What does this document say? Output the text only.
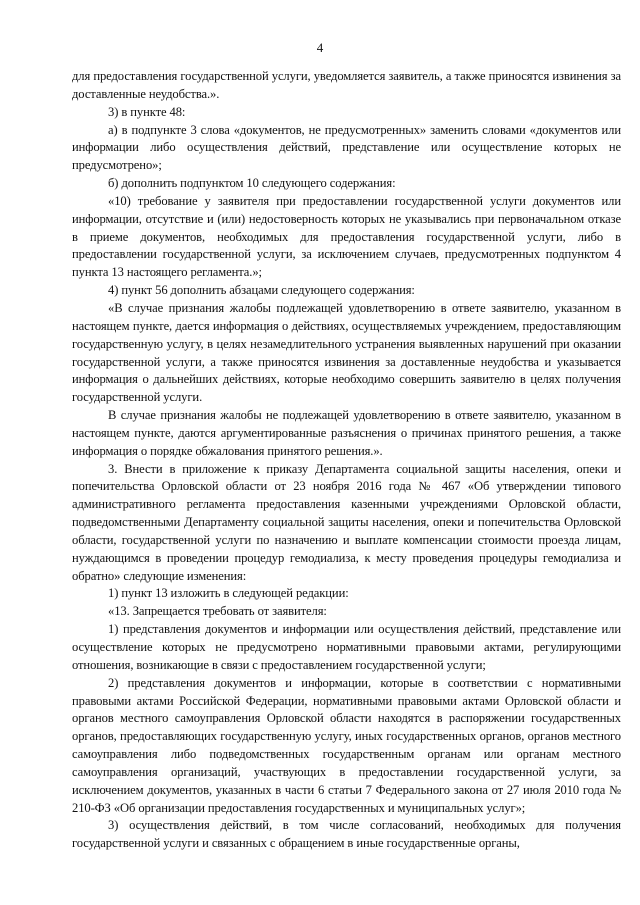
4

для предоставления государственной услуги, уведомляется заявитель, а также приносятся извинения за доставленные неудобства.».

3) в пункте 48:

а) в подпункте 3 слова «документов, не предусмотренных» заменить словами «документов или информации либо осуществления действий, представление или осуществление которых не предусмотрено»;

б) дополнить подпунктом 10 следующего содержания:

«10) требование у заявителя при предоставлении государственной услуги документов или информации, отсутствие и (или) недостоверность которых не указывались при первоначальном отказе в приеме документов, необходимых для предоставления государственной услуги, либо в предоставлении государственной услуги, за исключением случаев, предусмотренных подпунктом 4 пункта 13 настоящего регламента.»;

4) пункт 56 дополнить абзацами следующего содержания:

«В случае признания жалобы подлежащей удовлетворению в ответе заявителю, указанном в настоящем пункте, дается информация о действиях, осуществляемых учреждением, предоставляющим государственную услугу, в целях незамедлительного устранения выявленных нарушений при оказании государственной услуги, а также приносятся извинения за доставленные неудобства и указывается информация о дальнейших действиях, которые необходимо совершить заявителю в целях получения государственной услуги.

В случае признания жалобы не подлежащей удовлетворению в ответе заявителю, указанном в настоящем пункте, даются аргументированные разъяснения о причинах принятого решения, а также информация о порядке обжалования принятого решения.».

3. Внести в приложение к приказу Департамента социальной защиты населения, опеки и попечительства Орловской области от 23 ноября 2016 года № 467 «Об утверждении типового административного регламента предоставления казенными учреждениями Орловской области, подведомственными Департаменту социальной защиты населения, опеки и попечительства Орловской области, государственной услуги по назначению и выплате компенсации стоимости проезда лицам, нуждающимся в проведении процедур гемодиализа, к месту проведения процедуры гемодиализа и обратно» следующие изменения:

1) пункт 13 изложить в следующей редакции:

«13. Запрещается требовать от заявителя:

1) представления документов и информации или осуществления действий, представление или осуществление которых не предусмотрено нормативными правовыми актами, регулирующими отношения, возникающие в связи с предоставлением государственной услуги;

2) представления документов и информации, которые в соответствии с нормативными правовыми актами Российской Федерации, нормативными правовыми актами Орловской области и органов местного самоуправления Орловской области находятся в распоряжении государственных органов, предоставляющих государственную услугу, иных государственных органов, органов местного самоуправления либо подведомственных государственным органам или органам местного самоуправления организаций, участвующих в предоставлении государственной услуги, за исключением документов, указанных в части 6 статьи 7 Федерального закона от 27 июля 2010 года № 210-ФЗ «Об организации предоставления государственных и муниципальных услуг»;

3) осуществления действий, в том числе согласований, необходимых для получения государственной услуги и связанных с обращением в иные государственные органы,
